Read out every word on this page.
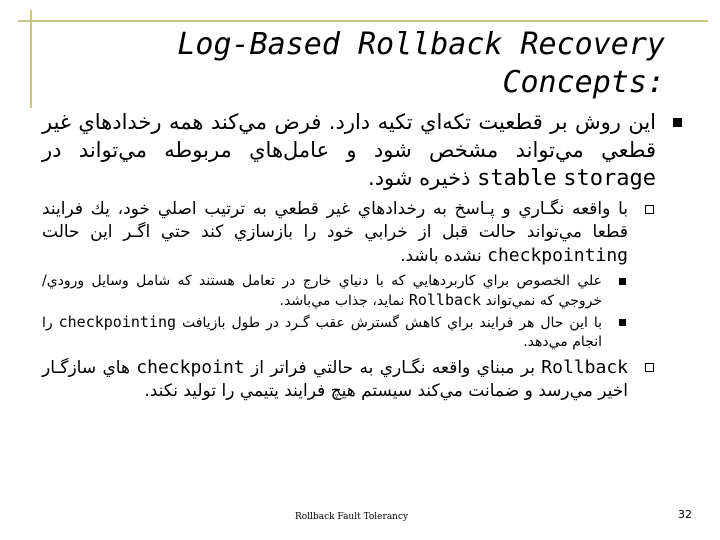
Log-Based Rollback Recovery
Concepts:
اين روش بر قطعيت تکه‌اي تکيه دارد. فرض مي‌کند همه رخدادهاي غير قطعي مي‌تواند مشخص شود و عامل‌هاي مربوطه مي‌تواند در stable storage ذخيره شود.
با واقعه نگـاري و پـاسخ به رخدادهاي غير قطعي به ترتيب اصلي خود، يك فرايند قطعا مي‌تواند حالت قبل از خرابي خود را بازسازي كند حتي اگـر اين حالت checkpointing نشده باشد.
علي الخصوص براي كاربردهايي كه با دنياي خارج در تعامل هستند كه شامل وسايل ورودي/خروجي كه نمي‌تواند Rollback نمايد، جذاب مي‌باشد.
با اين حال هر فرايند براي كاهش گسترش عقب گـرد در طول بازيافت checkpointing را انجام مي‌دهد.
Rollback بر مبناي واقعه نگـاري به حالتي فراتر از checkpoint هاي سازگـار اخير مي‌رسد و ضمانت مي‌كند سيستم هيچ فرايند يتيمي را توليد نكند.
Rollback Fault Tolerancy	32
